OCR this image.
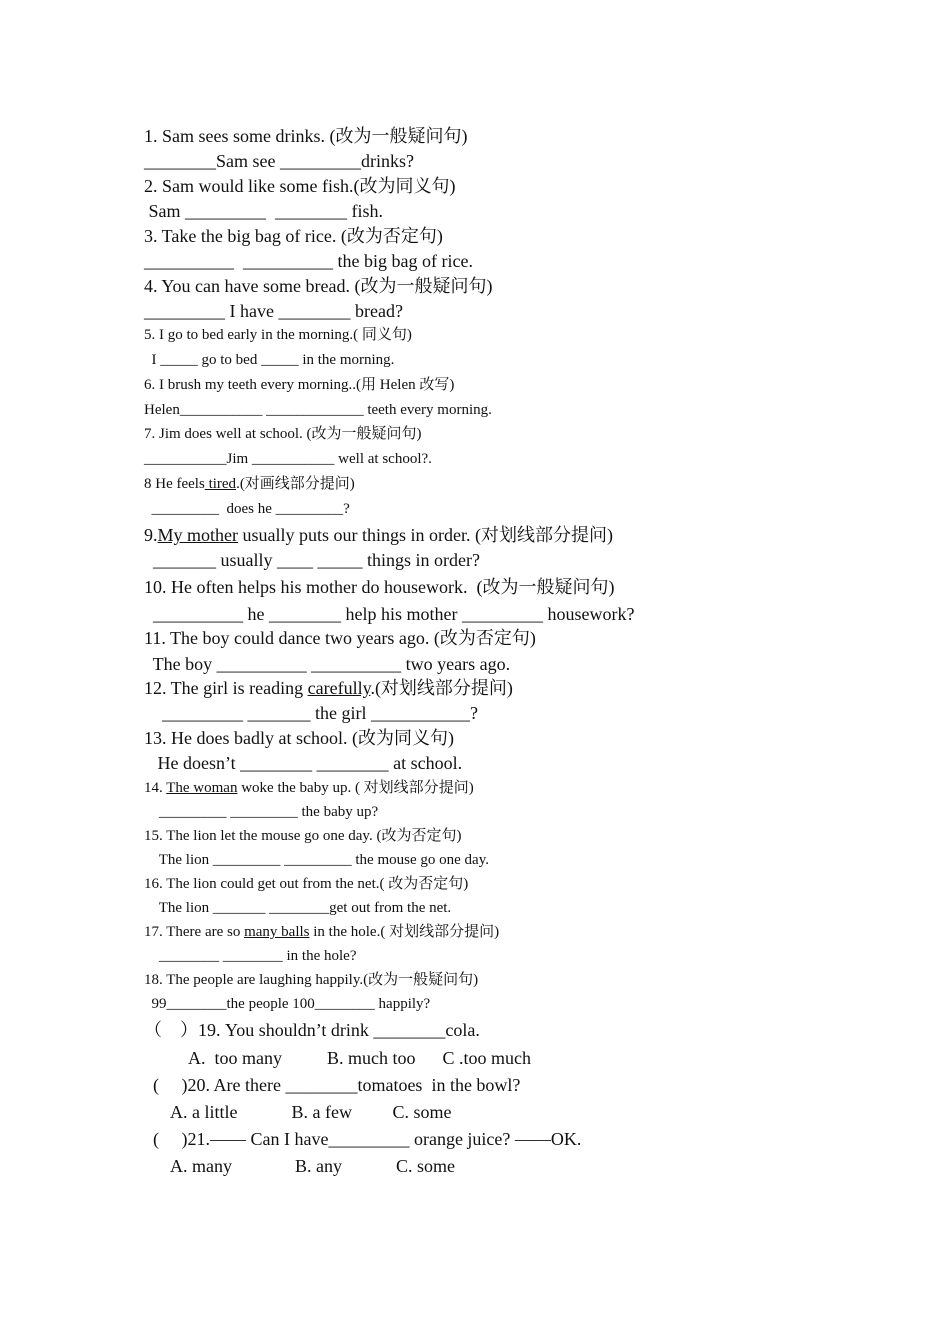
1. Sam sees some drinks. (改为一般疑问句)
________Sam see _________drinks?
2. Sam would like some fish.(改为同义句)
Sam _________  ________ fish.
3. Take the big bag of rice. (改为否定句)
__________  __________ the big bag of rice.
4. You can have some bread. (改为一般疑问句)
_________ I have ________ bread?
5. I go to bed early in the morning.( 同义句)
I _____ go to bed _____ in the morning.
6. I brush my teeth every morning..(用 Helen 改写)
Helen___________ _____________ teeth every morning.
7. Jim does well at school. (改为一般疑问句)
___________Jim ___________ well at school?.
8 He feels tired.(对画线部分提问)
_________  does he _________?
9.My mother usually puts our things in order. (对划线部分提问)
_______ usually ____ _____ things in order?
10. He often helps his mother do housework.  (改为一般疑问句)
__________ he ________ help his mother _________ housework?
11. The boy could dance two years ago. (改为否定句)
The boy __________ __________ two years ago.
12. The girl is reading carefully.(对划线部分提问)
_________ _______ the girl ___________?
13. He does badly at school. (改为同义句)
He doesn’t ________ ________ at school.
14. The woman woke the baby up. ( 对划线部分提问)
_________ _________ the baby up?
15. The lion let the mouse go one day. (改为否定句)
The lion _________ _________ the mouse go one day.
16. The lion could get out from the net.( 改为否定句)
The lion _______ ________get out from the net.
17. There are so many balls in the hole.( 对划线部分提问)
________ ________ in the hole?
18. The people are laughing happily.(改为一般疑问句)
99________the people 100________ happily?
（    ）19. You shouldn’t drink ________cola.
A.  too many          B. much too      C .too much
(     )20. Are there ________tomatoes  in the bowl?
A. a little            B. a few         C. some
(     )21.—— Can I have_________ orange juice? ——OK.
A. many              B. any            C. some
